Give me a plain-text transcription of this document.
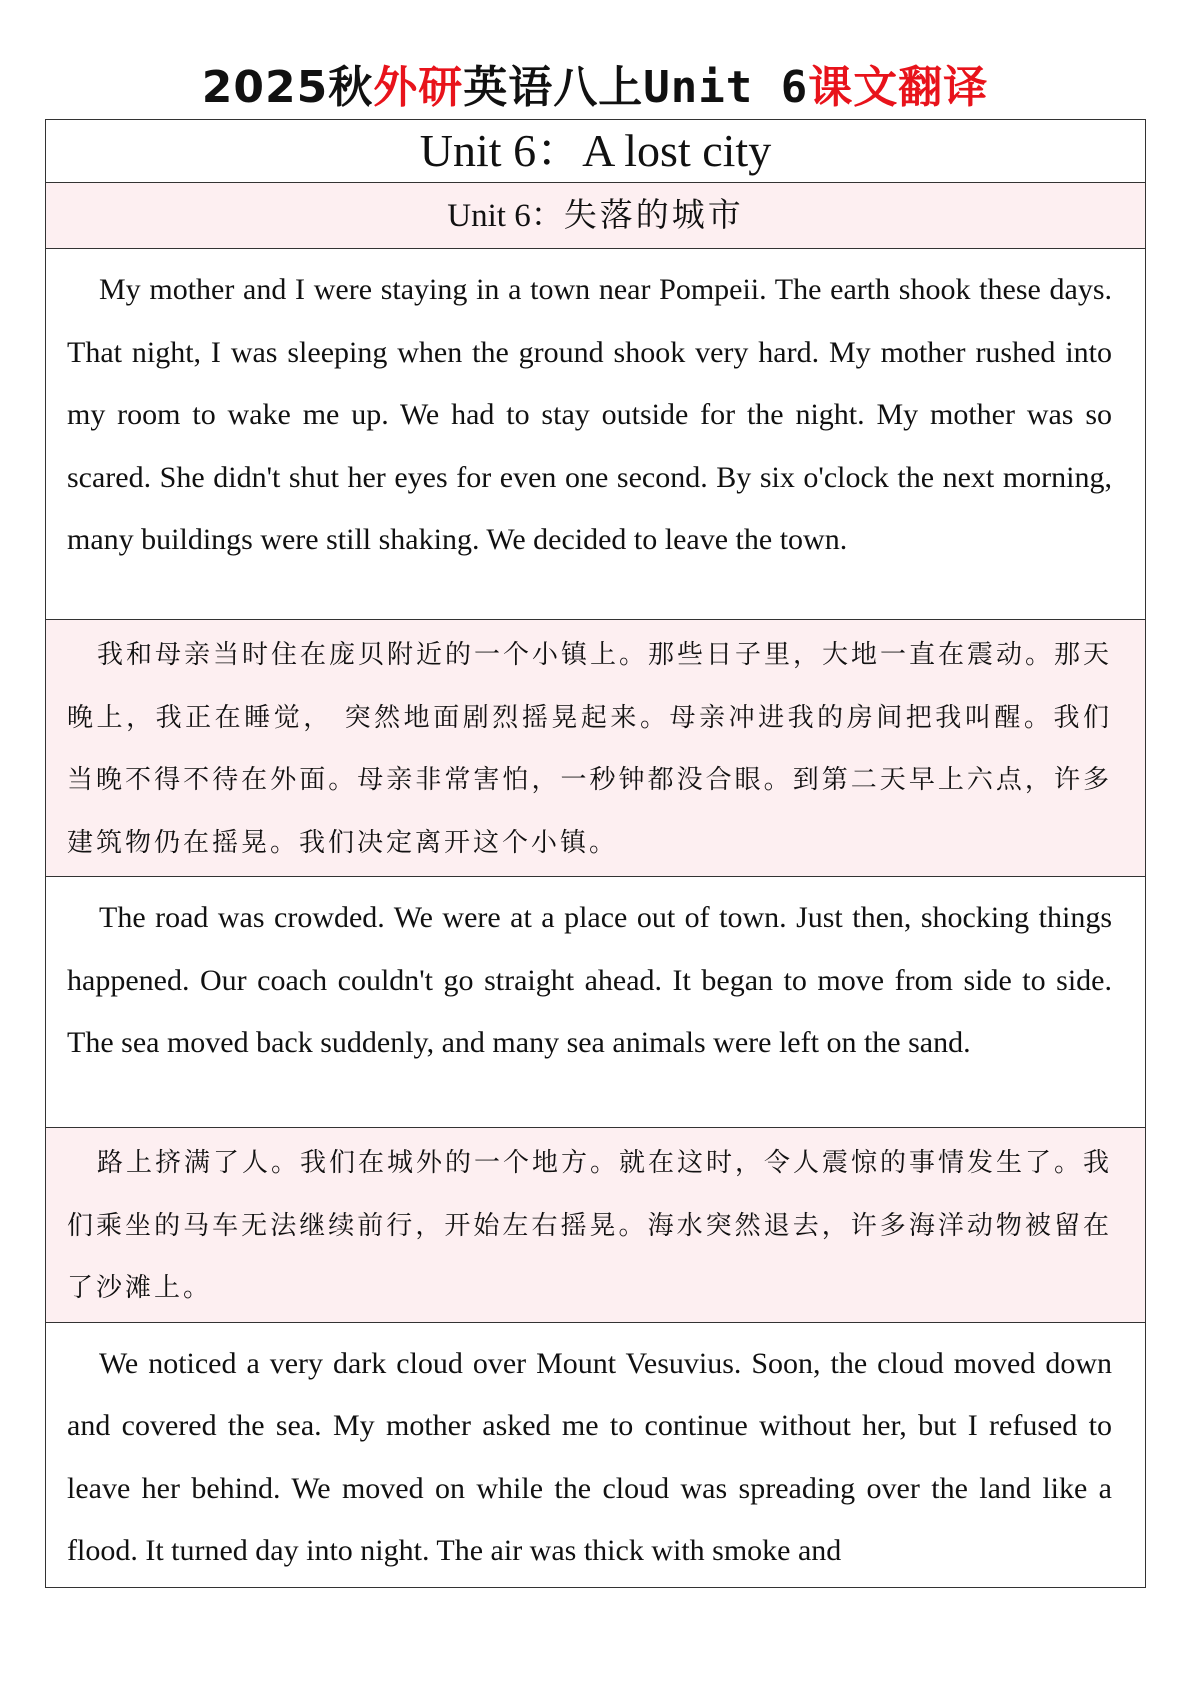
2025秋外研英语八上Unit 6课文翻译
Unit 6：A lost city
Unit 6：失落的城市
My mother and I were staying in a town near Pompeii. The earth shook these days. That night, I was sleeping when the ground shook very hard. My mother rushed into my room to wake me up. We had to stay outside for the night. My mother was so scared. She didn't shut her eyes for even one second. By six o'clock the next morning, many buildings were still shaking. We decided to leave the town.
我和母亲当时住在庞贝附近的一个小镇上。那些日子里，大地一直在震动。那天晚上，我正在睡觉， 突然地面剧烈摇晃起来。母亲冲进我的房间把我叫醒。我们当晚不得不待在外面。母亲非常害怕，一秒钟都没合眼。到第二天早上六点，许多建筑物仍在摇晃。我们决定离开这个小镇。
The road was crowded. We were at a place out of town. Just then, shocking things happened. Our coach couldn't go straight ahead. It began to move from side to side. The sea moved back suddenly, and many sea animals were left on the sand.
路上挤满了人。我们在城外的一个地方。就在这时，令人震惊的事情发生了。我们乘坐的马车无法继续前行，开始左右摇晃。海水突然退去，许多海洋动物被留在了沙滩上。
We noticed a very dark cloud over Mount Vesuvius. Soon, the cloud moved down and covered the sea. My mother asked me to continue without her, but I refused to leave her behind. We moved on while the cloud was spreading over the land like a flood. It turned day into night. The air was thick with smoke and
